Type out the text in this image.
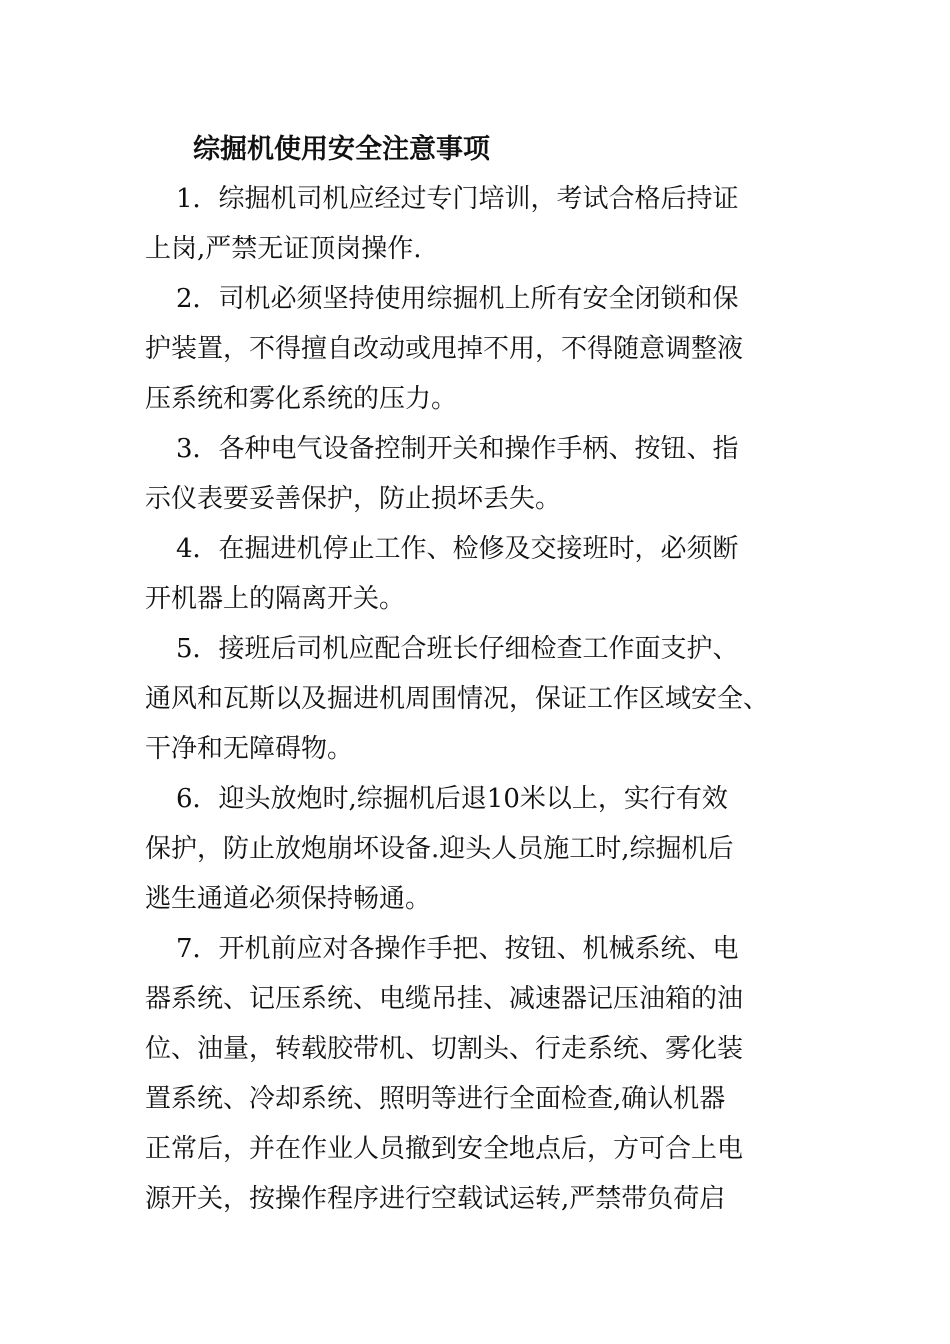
综掘机使用安全注意事项
1．综掘机司机应经过专门培训，考试合格后持证
上岗,严禁无证顶岗操作.
2．司机必须坚持使用综掘机上所有安全闭锁和保
护装置，不得擅自改动或甩掉不用，不得随意调整液
压系统和雾化系统的压力。
3．各种电气设备控制开关和操作手柄、按钮、指
示仪表要妥善保护，防止损坏丢失。
4．在掘进机停止工作、检修及交接班时，必须断
开机器上的隔离开关。
5．接班后司机应配合班长仔细检查工作面支护、
通风和瓦斯以及掘进机周围情况，保证工作区域安全、
干净和无障碍物。
6．迎头放炮时,综掘机后退10米以上，实行有效
保护，防止放炮崩坏设备.迎头人员施工时,综掘机后
逃生通道必须保持畅通。
7．开机前应对各操作手把、按钮、机械系统、电
器系统、记压系统、电缆吊挂、减速器记压油箱的油
位、油量，转载胶带机、切割头、行走系统、雾化装
置系统、冷却系统、照明等进行全面检查,确认机器
正常后，并在作业人员撤到安全地点后，方可合上电
源开关，按操作程序进行空载试运转,严禁带负荷启
